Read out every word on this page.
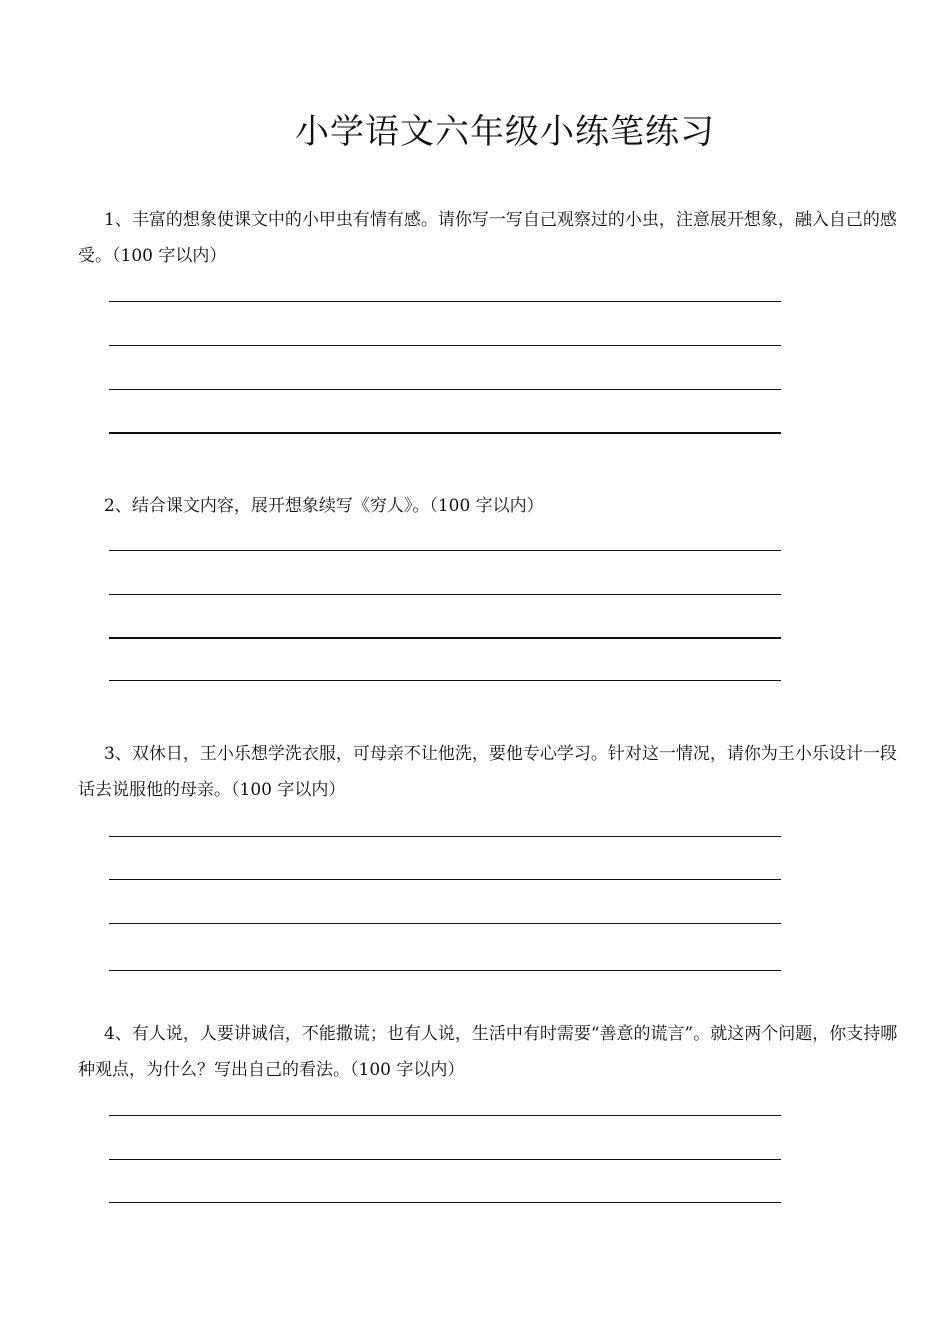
小学语文六年级小练笔练习
1、丰富的想象使课文中的小甲虫有情有感。请你写一写自己观察过的小虫，注意展开想象，融入自己的感受。（100 字以内）
2、结合课文内容，展开想象续写《穷人》。（100 字以内）
3、双休日，王小乐想学洗衣服，可母亲不让他洗，要他专心学习。针对这一情况，请你为王小乐设计一段话去说服他的母亲。（100 字以内）
4、有人说，人要讲诚信，不能撒谎；也有人说，生活中有时需要“善意的谎言”。就这两个问题，你支持哪种观点，为什么？写出自己的看法。（100 字以内）
